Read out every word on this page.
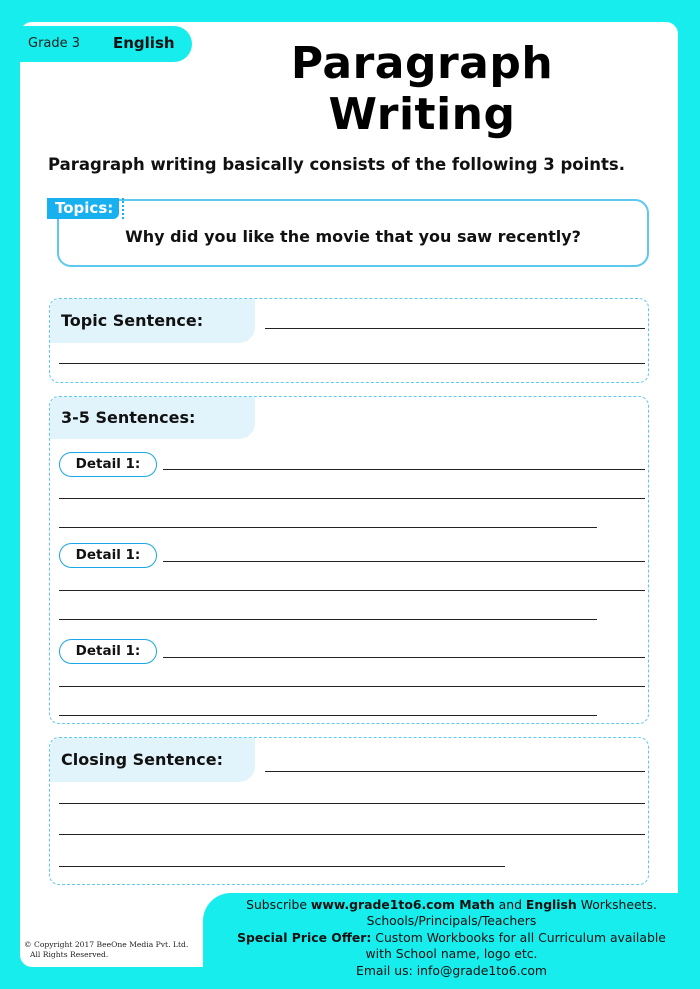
Grade 3 English	Paragraph Writing
Paragraph writing basically consists of the following 3 points.
Topics:
Why did you like the movie that you saw recently?
Topic Sentence:
3-5 Sentences:
Detail 1:
Detail 1:
Detail 1:
Closing Sentence:
Subscribe www.grade1to6.com Math and English Worksheets.
Schools/Principals/Teachers
Special Price Offer: Custom Workbooks for all Curriculum available
with School name, logo etc.
Email us: info@grade1to6.com
© Copyright 2017 BeeOne Media Pvt. Ltd.
All Rights Reserved.
